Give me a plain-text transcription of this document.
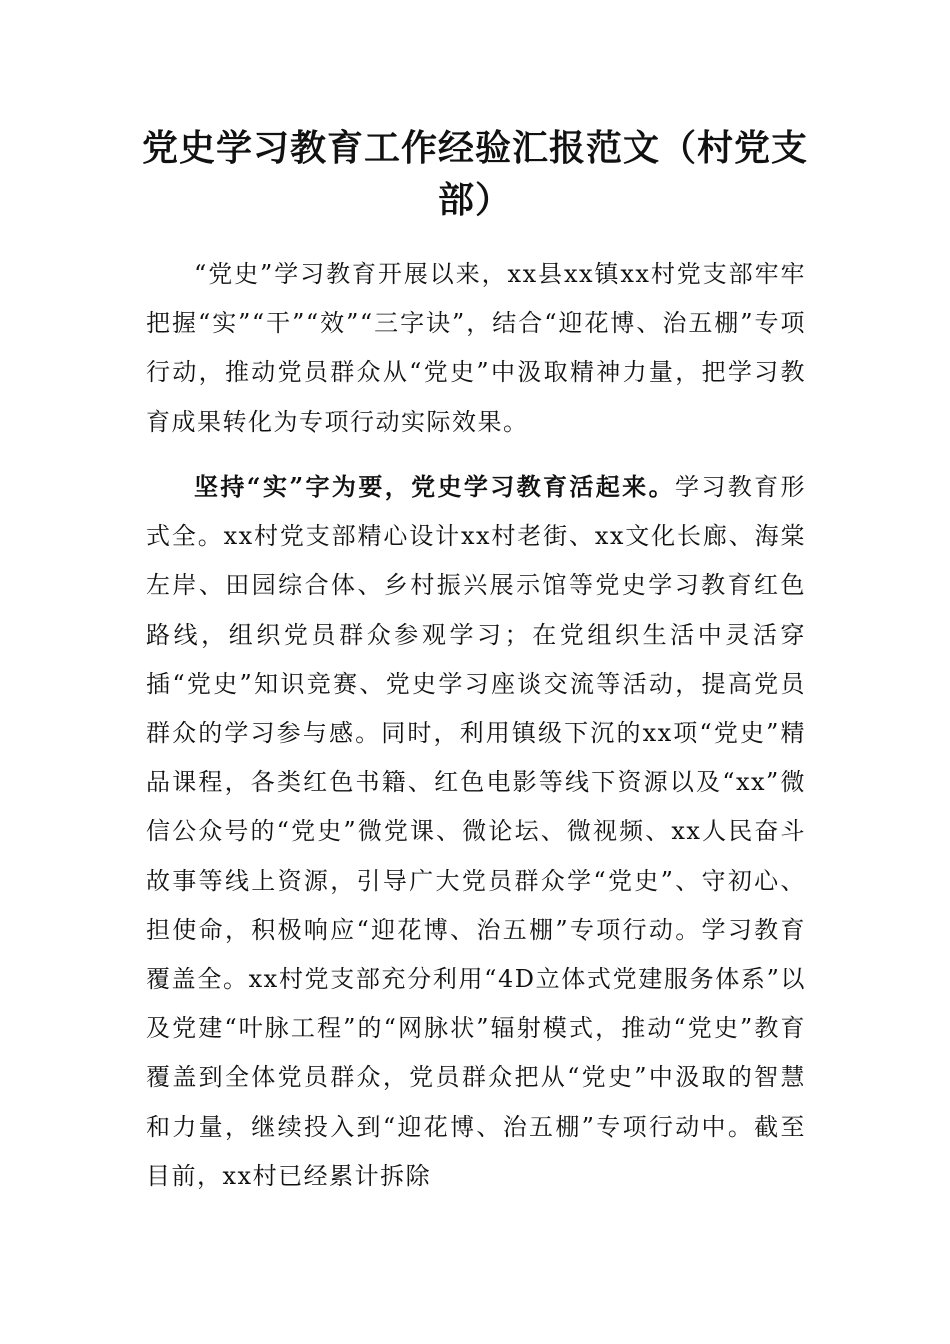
党史学习教育工作经验汇报范文（村党支部）

“党史”学习教育开展以来，xx县xx镇xx村党支部牢牢把握“实”“干”“效”“三字诀”，结合“迎花博、治五棚”专项行动，推动党员群众从“党史”中汲取精神力量，把学习教育成果转化为专项行动实际效果。

坚持“实”字为要，党史学习教育活起来。学习教育形式全。xx村党支部精心设计xx村老街、xx文化长廊、海棠左岸、田园综合体、乡村振兴展示馆等党史学习教育红色路线，组织党员群众参观学习；在党组织生活中灵活穿插“党史”知识竞赛、党史学习座谈交流等活动，提高党员群众的学习参与感。同时，利用镇级下沉的xx项“党史”精品课程，各类红色书籍、红色电影等线下资源以及“xx”微信公众号的“党史”微党课、微论坛、微视频、xx人民奋斗故事等线上资源，引导广大党员群众学“党史”、守初心、担使命，积极响应“迎花博、治五棚”专项行动。学习教育覆盖全。xx村党支部充分利用“4D立体式党建服务体系”以及党建“叶脉工程”的“网脉状”辐射模式，推动“党史”教育覆盖到全体党员群众，党员群众把从“党史”中汲取的智慧和力量，继续投入到“迎花博、治五棚”专项行动中。截至目前，xx村已经累计拆除
